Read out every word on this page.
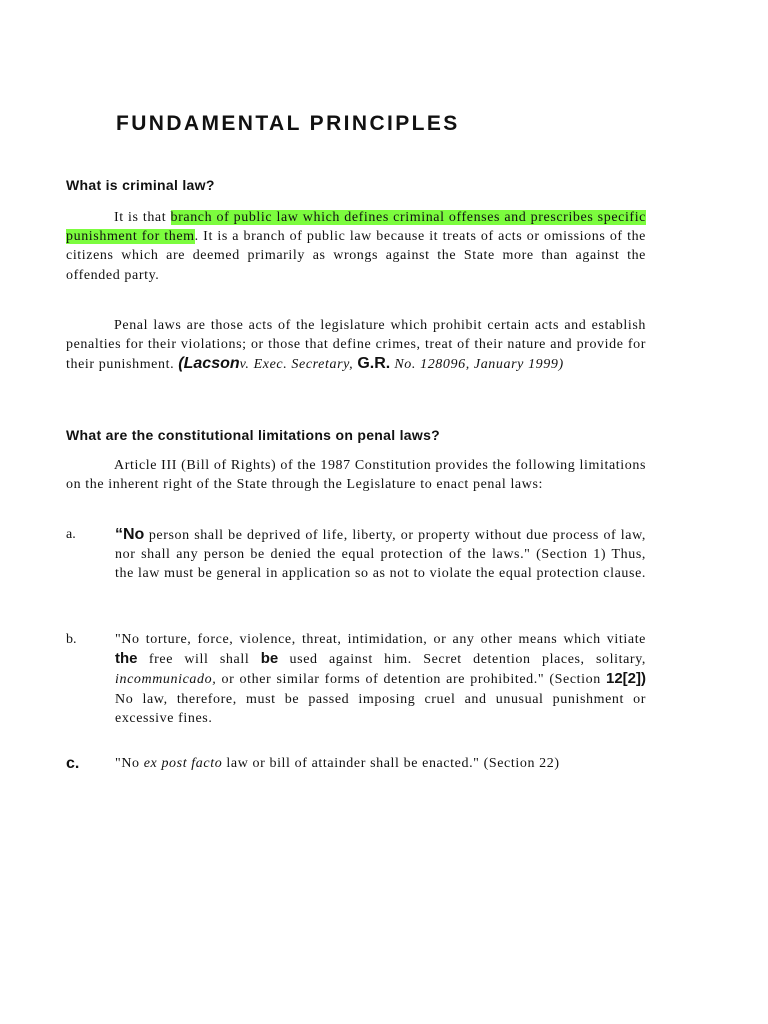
FUNDAMENTAL PRINCIPLES
What is criminal law?

It is that branch of public law which defines criminal offenses and prescribes specific punishment for them. It is a branch of public law because it treats of acts or omissions of the citizens which are deemed primarily as wrongs against the State more than against the offended party.

Penal laws are those acts of the legislature which prohibit certain acts and establish penalties for their violations; or those that define crimes, treat of their nature and provide for their punishment. (Lacsonv. Exec. Secretary, G.R. No. 128096, January 1999)

What are the constitutional limitations on penal laws?

Article III (Bill of Rights) of the 1987 Constitution provides the following limitations on the inherent right of the State through the Legislature to enact penal laws:

a. “No person shall be deprived of life, liberty, or property without due process of law, nor shall any person be denied the equal protection of the laws." (Section 1) Thus, the law must be general in application so as not to violate the equal protection clause.
b.	"No torture, force, violence, threat, intimidation, or any other means which vitiate the free will shall be used against him. Secret detention places, solitary, incommunicado, or other similar forms of detention are prohibited." (Section 12[2]) No law, therefore, must be passed imposing cruel and unusual punishment or excessive fines.
c.	"No ex post facto law or bill of attainder shall be enacted." (Section 22)
